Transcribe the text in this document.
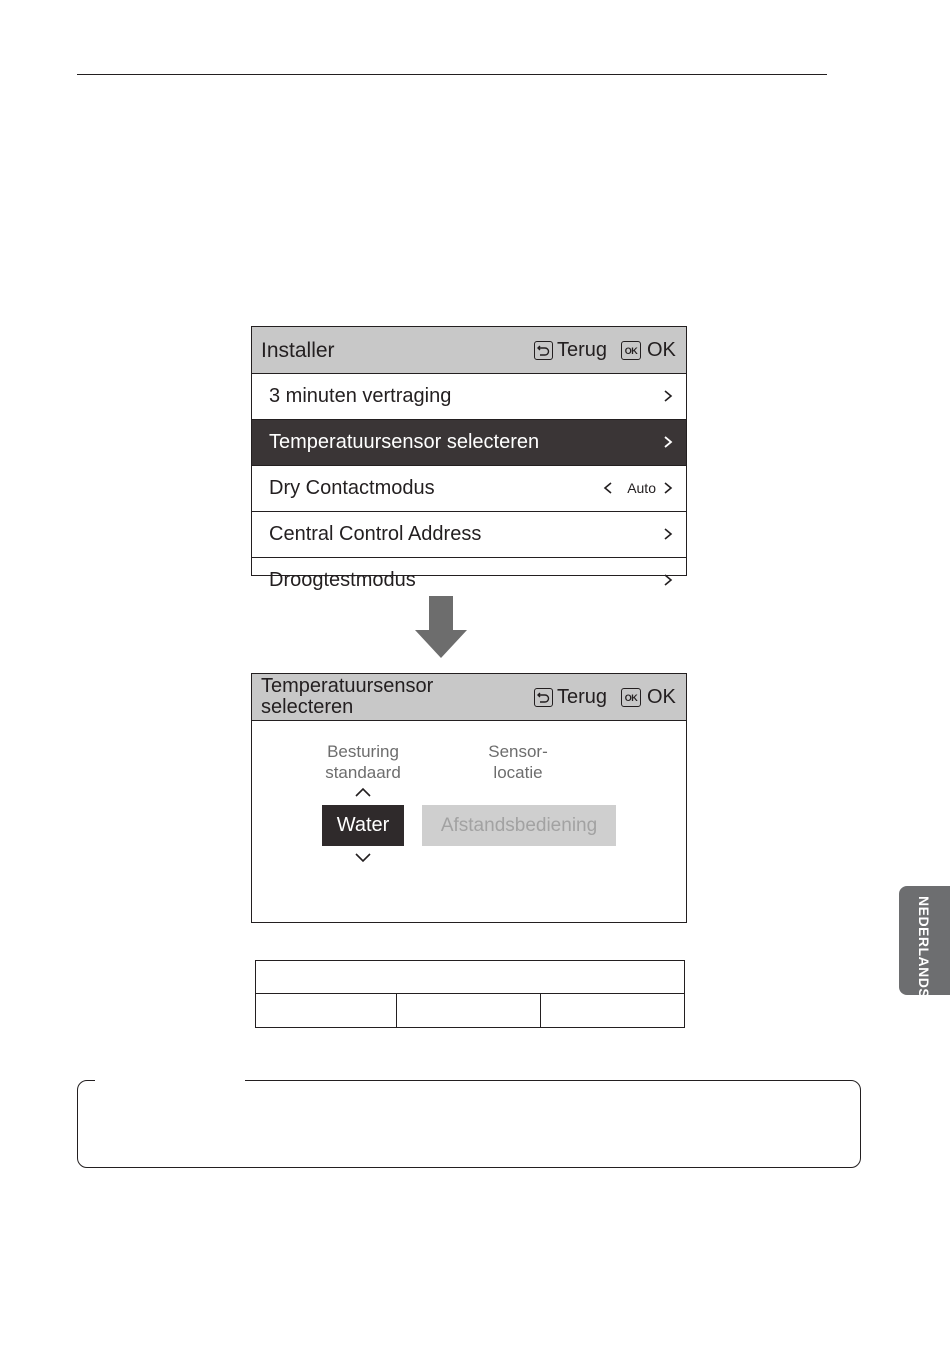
Installer	Terug	OK OK
3 minuten vertraging
Temperatuursensor selecteren
Dry Contactmodus	Auto
Central Control Address
Droogtestmodus
Temperatuursensor
selecteren	Terug	OK OK
Besturing
standaard
Sensor-
locatie
Water	Afstandsbediening
NEDERLANDS
